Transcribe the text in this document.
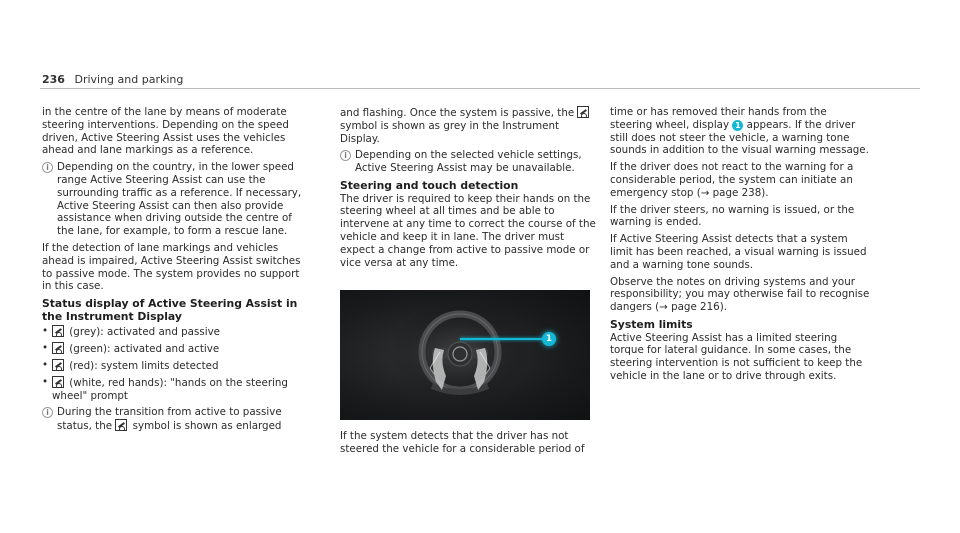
236 Driving and parking

in the centre of the lane by means of moderate steering interventions. Depending on the speed driven, Active Steering Assist uses the vehicles ahead and lane markings as a reference.

i Depending on the country, in the lower speed range Active Steering Assist can use the surrounding traffic as a reference. If necessary, Active Steering Assist can then also provide assistance when driving outside the centre of the lane, for example, to form a rescue lane.

If the detection of lane markings and vehicles ahead is impaired, Active Steering Assist switches to passive mode. The system provides no support in this case.

Status display of Active Steering Assist in the Instrument Display
• (grey): activated and passive
• (green): activated and active
• (red): system limits detected
• (white, red hands): "hands on the steering wheel" prompt
i During the transition from active to passive status, the symbol is shown as enlarged

and flashing. Once the system is passive, the  symbol is shown as grey in the Instrument Display.

i Depending on the selected vehicle settings, Active Steering Assist may be unavailable.
Steering and touch detection

The driver is required to keep their hands on the steering wheel at all times and be able to intervene at any time to correct the course of the vehicle and keep it in lane. The driver must expect a change from active to passive mode or vice versa at any time.

1
If the system detects that the driver has not steered the vehicle for a considerable period of

time or has removed their hands from the steering wheel, display 1 appears. If the driver still does not steer the vehicle, a warning tone sounds in addition to the visual warning message.

If the driver does not react to the warning for a considerable period, the system can initiate an emergency stop (→ page 238).

If the driver steers, no warning is issued, or the warning is ended.

If Active Steering Assist detects that a system limit has been reached, a visual warning is issued and a warning tone sounds.

Observe the notes on driving systems and your responsibility; you may otherwise fail to recognise dangers (→ page 216).

System limits

Active Steering Assist has a limited steering torque for lateral guidance. In some cases, the steering intervention is not sufficient to keep the vehicle in the lane or to drive through exits.
